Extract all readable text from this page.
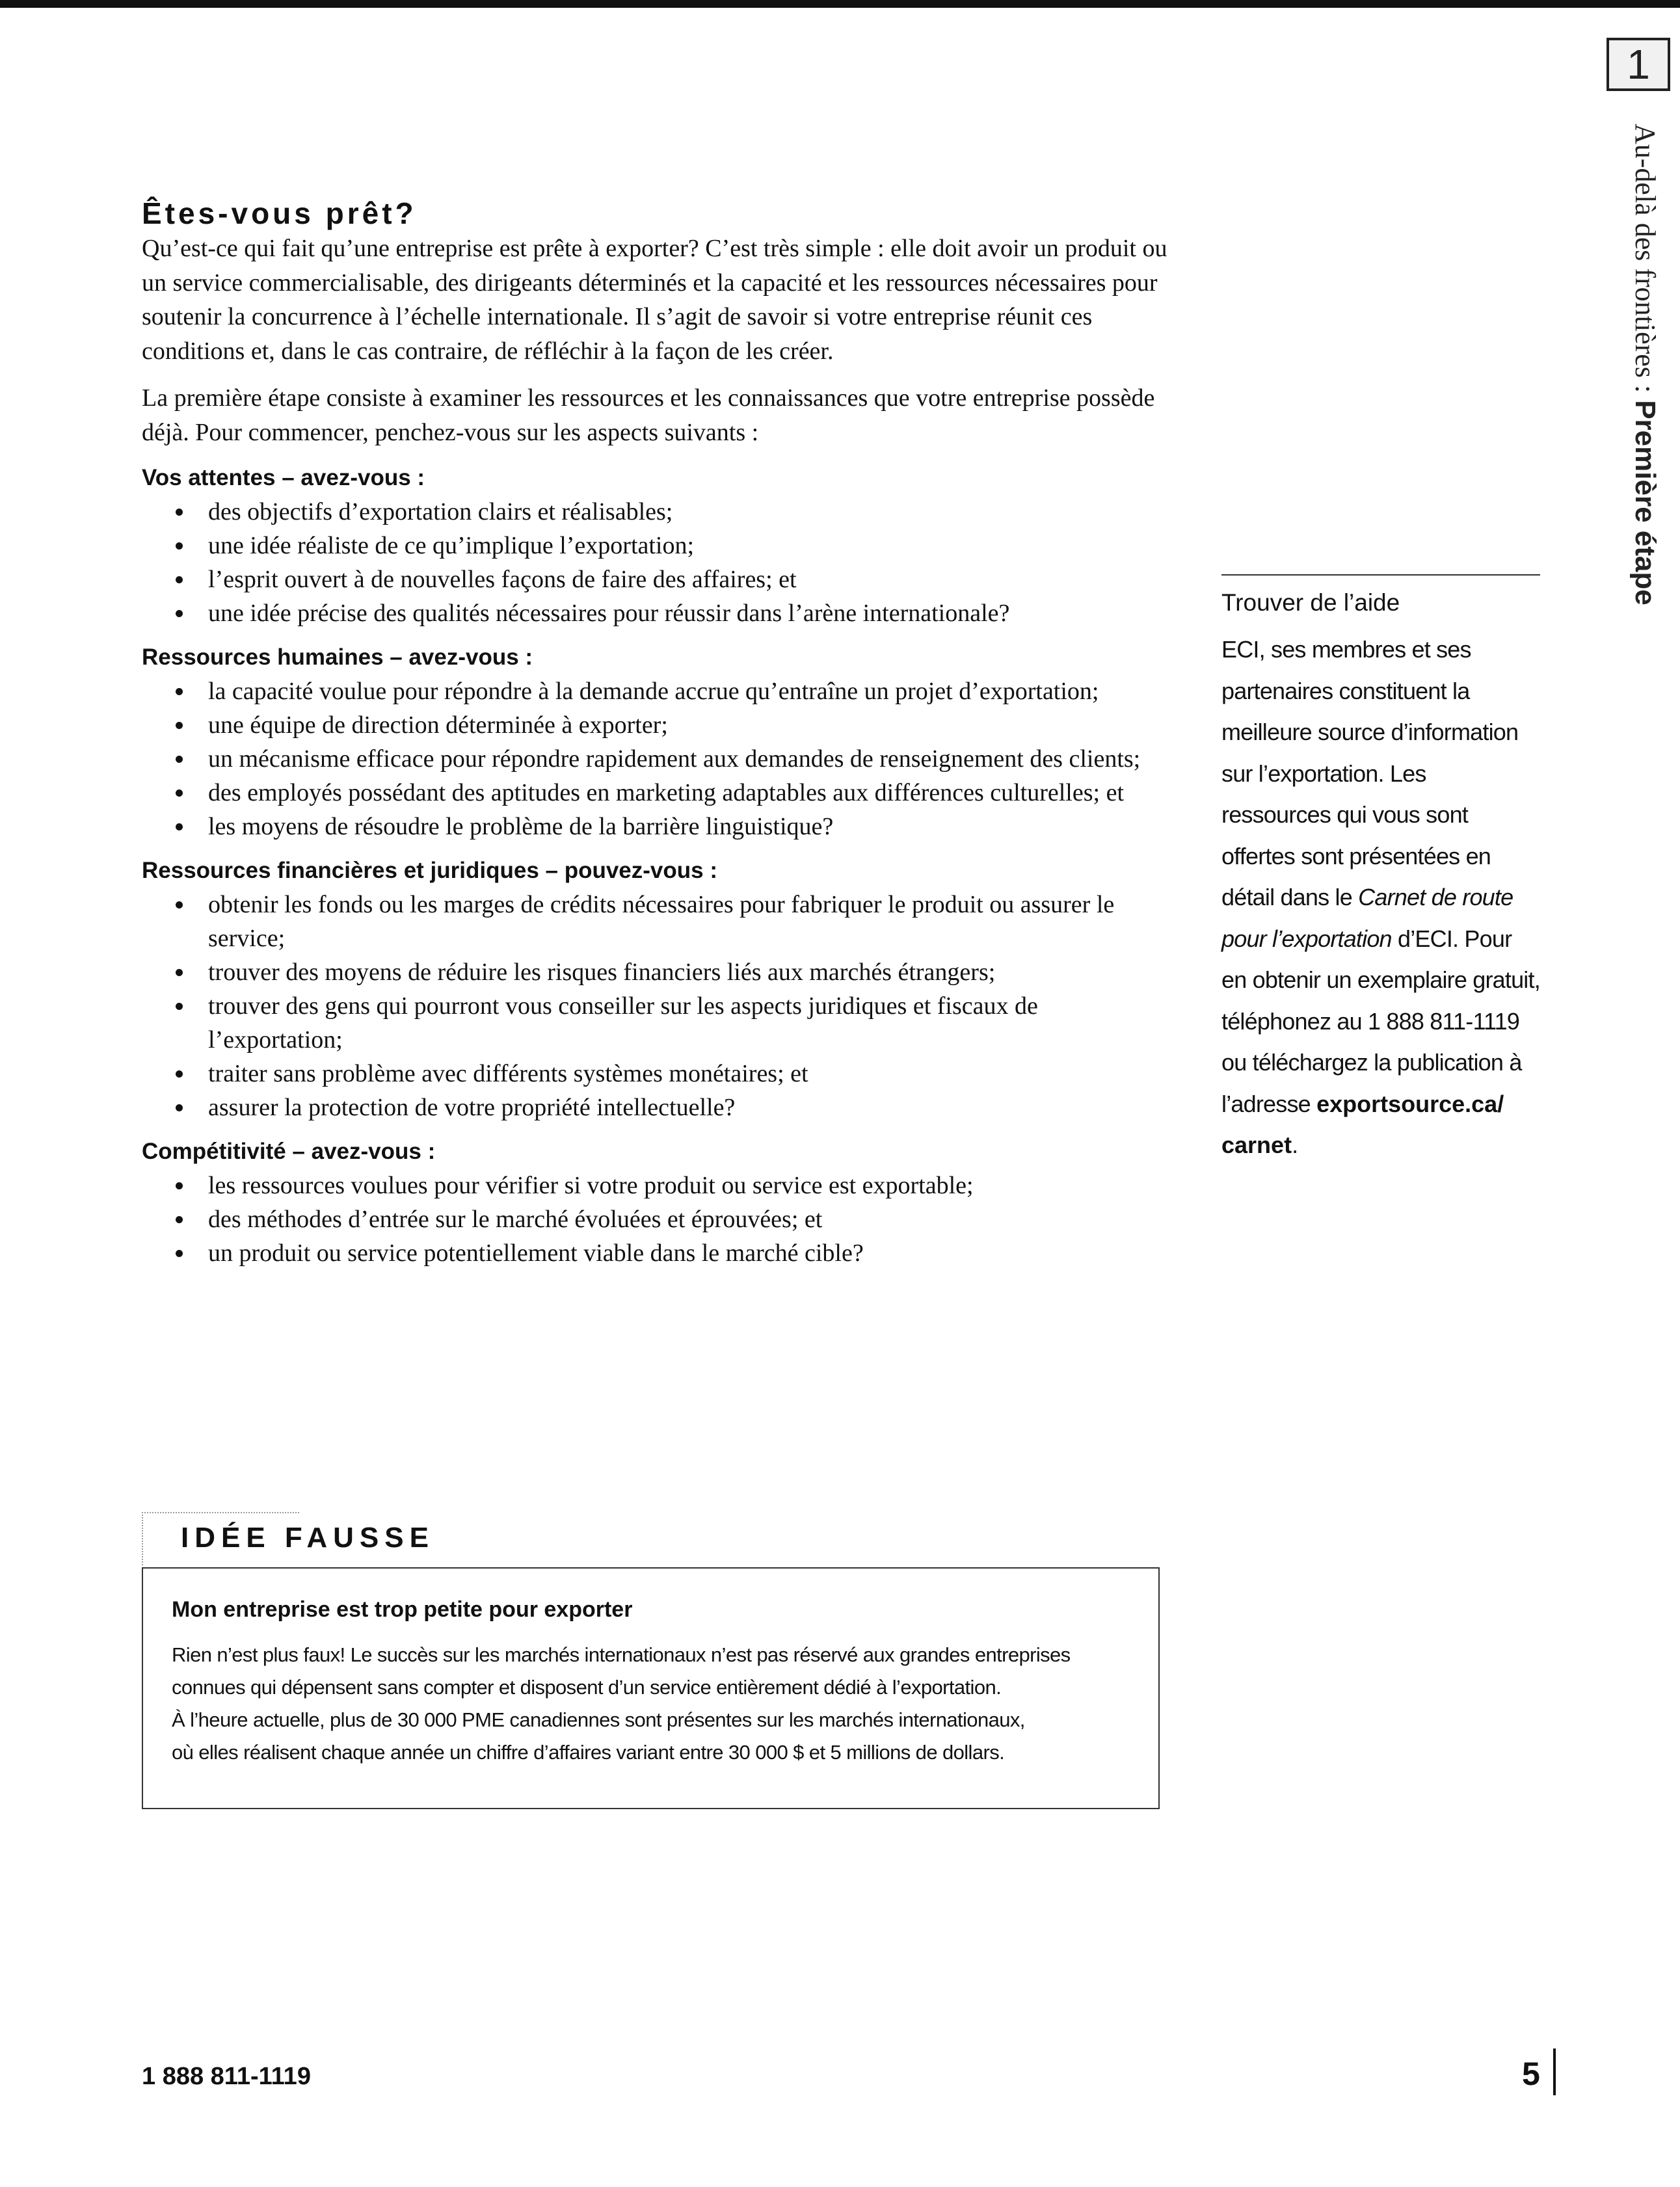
1
Au-delà des frontières : Première étape
Êtes-vous prêt?

Qu’est-ce qui fait qu’une entreprise est prête à exporter? C’est très simple : elle doit avoir un produit ou un service commercialisable, des dirigeants déterminés et la capacité et les ressources nécessaires pour soutenir la concurrence à l’échelle internationale. Il s’agit de savoir si votre entreprise réunit ces conditions et, dans le cas contraire, de réfléchir à la façon de les créer.

La première étape consiste à examiner les ressources et les connaissances que votre entreprise possède déjà. Pour commencer, penchez-vous sur les aspects suivants :

Vos attentes – avez-vous :
des objectifs d’exportation clairs et réalisables;
une idée réaliste de ce qu’implique l’exportation;
l’esprit ouvert à de nouvelles façons de faire des affaires; et
une idée précise des qualités nécessaires pour réussir dans l’arène internationale?
Ressources humaines – avez-vous :
la capacité voulue pour répondre à la demande accrue qu’entraîne un projet d’exportation;
une équipe de direction déterminée à exporter;
un mécanisme efficace pour répondre rapidement aux demandes de renseignement des clients;
des employés possédant des aptitudes en marketing adaptables aux différences culturelles; et
les moyens de résoudre le problème de la barrière linguistique?
Ressources financières et juridiques – pouvez-vous :
obtenir les fonds ou les marges de crédits nécessaires pour fabriquer le produit ou assurer le service;
trouver des moyens de réduire les risques financiers liés aux marchés étrangers;
trouver des gens qui pourront vous conseiller sur les aspects juridiques et fiscaux de l’exportation;
traiter sans problème avec différents systèmes monétaires; et
assurer la protection de votre propriété intellectuelle?
Compétitivité – avez-vous :
les ressources voulues pour vérifier si votre produit ou service est exportable;
des méthodes d’entrée sur le marché évoluées et éprouvées; et
un produit ou service potentiellement viable dans le marché cible?
IDÉE FAUSSE
Mon entreprise est trop petite pour exporter
Rien n’est plus faux! Le succès sur les marchés internationaux n’est pas réservé aux grandes entreprises
connues qui dépensent sans compter et disposent d’un service entièrement dédié à l’exportation.
À l’heure actuelle, plus de 30 000 PME canadiennes sont présentes sur les marchés internationaux,
où elles réalisent chaque année un chiffre d’affaires variant entre 30 000 $ et 5 millions de dollars.
Trouver de l’aide
ECI, ses membres et ses partenaires constituent la meilleure source d’information sur l’exportation. Les ressources qui vous sont offertes sont présentées en détail dans le Carnet de route pour l’exportation d’ECI. Pour en obtenir un exemplaire gratuit, téléphonez au 1 888 811-1119 ou téléchargez la publication à l’adresse exportsource.ca/ carnet.
1 888 811-1119	5
